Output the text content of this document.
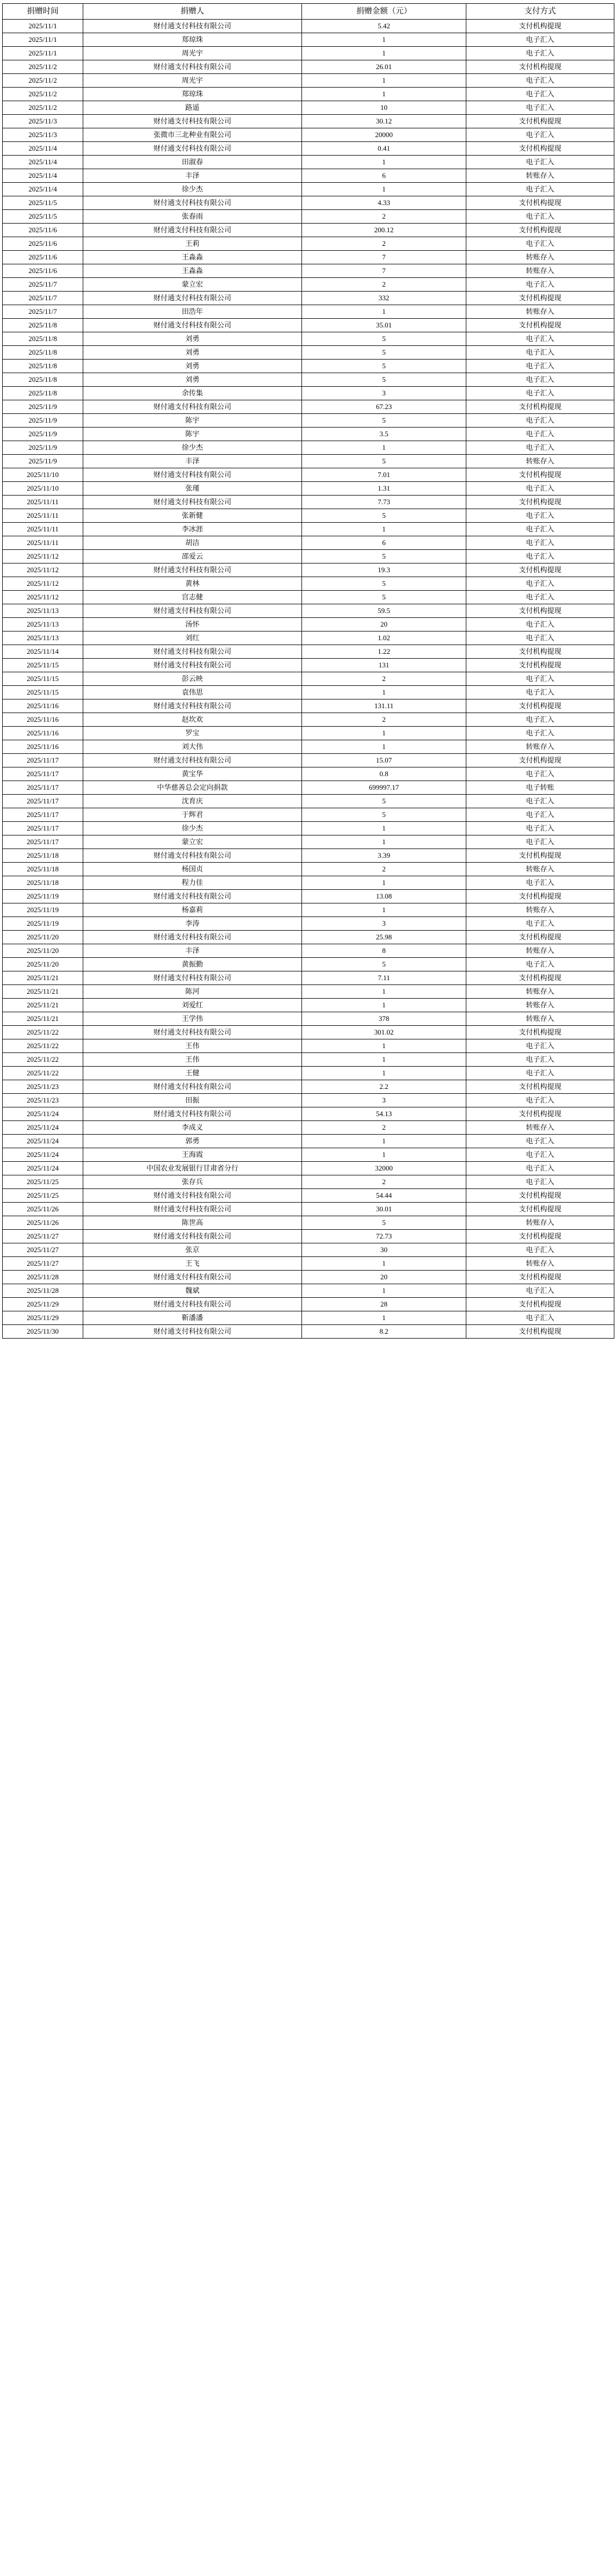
捐赠时间	捐赠人	捐赠金额（元）	支付方式
2025/11/1	财付通支付科技有限公司	5.42	支付机构提现
2025/11/1	郑琼珠	1	电子汇入
2025/11/1	周光宇	1	电子汇入
2025/11/2	财付通支付科技有限公司	26.01	支付机构提现
2025/11/2	周光宇	1	电子汇入
2025/11/2	郑琼珠	1	电子汇入
2025/11/2	路遥	10	电子汇入
2025/11/3	财付通支付科技有限公司	30.12	支付机构提现
2025/11/3	张微市三北种业有限公司	20000	电子汇入
2025/11/4	财付通支付科技有限公司	0.41	支付机构提现
2025/11/4	田淑春	1	电子汇入
2025/11/4	丰泽	6	转账存入
2025/11/4	徐少杰	1	电子汇入
2025/11/5	财付通支付科技有限公司	4.33	支付机构提现
2025/11/5	张春雨	2	电子汇入
2025/11/6	财付通支付科技有限公司	200.12	支付机构提现
2025/11/6	王莉	2	电子汇入
2025/11/6	王淼淼	7	转账存入
2025/11/6	王淼淼	7	转账存入
2025/11/7	蒙立宏	2	电子汇入
2025/11/7	财付通支付科技有限公司	332	支付机构提现
2025/11/7	田浩年	1	转账存入
2025/11/8	财付通支付科技有限公司	35.01	支付机构提现
2025/11/8	刘勇	5	电子汇入
2025/11/8	刘勇	5	电子汇入
2025/11/8	刘勇	5	电子汇入
2025/11/8	刘勇	5	电子汇入
2025/11/8	余传集	3	电子汇入
2025/11/9	财付通支付科技有限公司	67.23	支付机构提现
2025/11/9	陈宇	5	电子汇入
2025/11/9	陈宇	3.5	电子汇入
2025/11/9	徐少杰	1	电子汇入
2025/11/9	丰泽	5	转账存入
2025/11/10	财付通支付科技有限公司	7.01	支付机构提现
2025/11/10	张瑾	1.31	电子汇入
2025/11/11	财付通支付科技有限公司	7.73	支付机构提现
2025/11/11	张新健	5	电子汇入
2025/11/11	李冰涯	1	电子汇入
2025/11/11	胡洁	6	电子汇入
2025/11/12	邵爱云	5	电子汇入
2025/11/12	财付通支付科技有限公司	19.3	支付机构提现
2025/11/12	黄林	5	电子汇入
2025/11/12	宫志健	5	电子汇入
2025/11/13	财付通支付科技有限公司	59.5	支付机构提现
2025/11/13	汤怀	20	电子汇入
2025/11/13	刘红	1.02	电子汇入
2025/11/14	财付通支付科技有限公司	1.22	支付机构提现
2025/11/15	财付通支付科技有限公司	131	支付机构提现
2025/11/15	彭云映	2	电子汇入
2025/11/15	袁伟思	1	电子汇入
2025/11/16	财付通支付科技有限公司	131.11	支付机构提现
2025/11/16	赵坎欢	2	电子汇入
2025/11/16	罗宝	1	电子汇入
2025/11/16	刘大伟	1	转账存入
2025/11/17	财付通支付科技有限公司	15.07	支付机构提现
2025/11/17	黄宝华	0.8	电子汇入
2025/11/17	中华慈善总会定向捐款	699997.17	电子转账
2025/11/17	沈育庆	5	电子汇入
2025/11/17	于辉君	5	电子汇入
2025/11/17	徐少杰	1	电子汇入
2025/11/17	蒙立宏	1	电子汇入
2025/11/18	财付通支付科技有限公司	3.39	支付机构提现
2025/11/18	杨国贞	2	转账存入
2025/11/18	程力佳	1	电子汇入
2025/11/19	财付通支付科技有限公司	13.08	支付机构提现
2025/11/19	杨嘉莉	1	转账存入
2025/11/19	李涛	3	电子汇入
2025/11/20	财付通支付科技有限公司	25.98	支付机构提现
2025/11/20	丰泽	8	转账存入
2025/11/20	黄振勤	5	电子汇入
2025/11/21	财付通支付科技有限公司	7.11	支付机构提现
2025/11/21	陈河	1	转账存入
2025/11/21	刘爱红	1	转账存入
2025/11/21	王学伟	378	转账存入
2025/11/22	财付通支付科技有限公司	301.02	支付机构提现
2025/11/22	王伟	1	电子汇入
2025/11/22	王伟	1	电子汇入
2025/11/22	王健	1	电子汇入
2025/11/23	财付通支付科技有限公司	2.2	支付机构提现
2025/11/23	田振	3	电子汇入
2025/11/24	财付通支付科技有限公司	54.13	支付机构提现
2025/11/24	李成义	2	转账存入
2025/11/24	郭勇	1	电子汇入
2025/11/24	王海霞	1	电子汇入
2025/11/24	中国农业发展银行甘肃省分行	32000	电子汇入
2025/11/25	张存兵	2	电子汇入
2025/11/25	财付通支付科技有限公司	54.44	支付机构提现
2025/11/26	财付通支付科技有限公司	30.01	支付机构提现
2025/11/26	陈世高	5	转账存入
2025/11/27	财付通支付科技有限公司	72.73	支付机构提现
2025/11/27	张京	30	电子汇入
2025/11/27	王飞	1	转账存入
2025/11/28	财付通支付科技有限公司	20	支付机构提现
2025/11/28	魏斌	1	电子汇入
2025/11/29	财付通支付科技有限公司	28	支付机构提现
2025/11/29	靳潘潘	1	电子汇入
2025/11/30	财付通支付科技有限公司	8.2	支付机构提现
